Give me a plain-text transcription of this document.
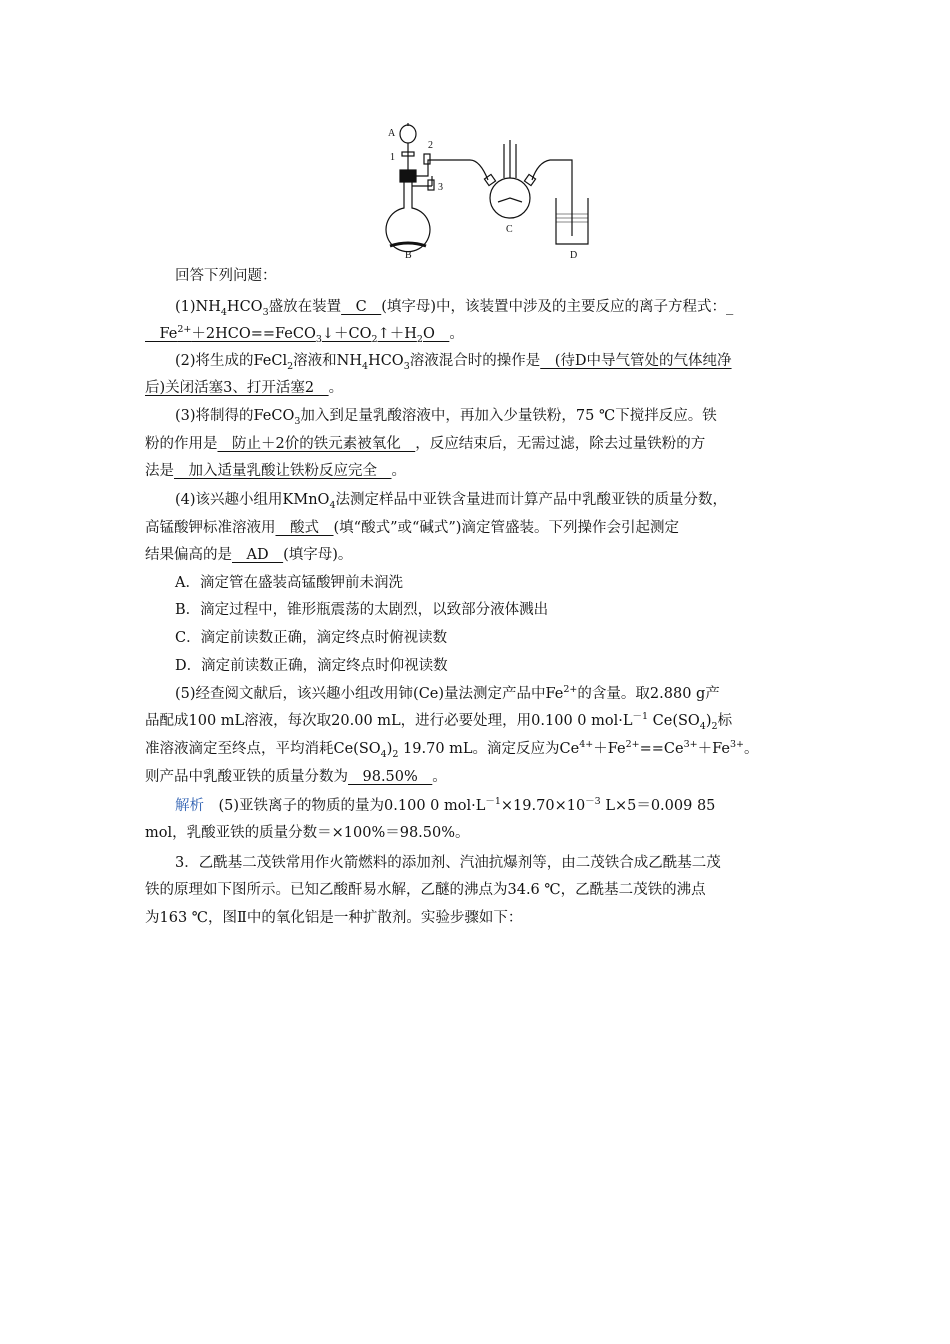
A
1
2
3
B
C
D
回答下列问题：
$(1)NH_4HCO_3$盛放在装置　C　(填字母)中，该装置中涉及的主要反应的离子方程式：_
　$Fe^{2+}+2HCO==FeCO_3↓+CO_2↑+H_2O$　。
(2)将生成的FeCl$_2$溶液和$NH_4HCO_3$溶液混合时的操作是　(待D中导气管处的气体纯净
后)关闭活塞3、打开活塞2　。
(3)将制得的FeCO$_3$加入到足量乳酸溶液中，再加入少量铁粉，75 ℃下搅拌反应。铁
粉的作用是　防止＋2价的铁元素被氧化　，反应结束后，无需过滤，除去过量铁粉的方
法是　加入适量乳酸让铁粉反应完全　。
(4)该兴趣小组用KMnO$_4$法测定样品中亚铁含量进而计算产品中乳酸亚铁的质量分数，
高锰酸钾标准溶液用　酸式　(填“酸式”或“碱式”)滴定管盛装。下列操作会引起测定
结果偏高的是　AD　(填字母)。
A．滴定管在盛装高锰酸钾前未润洗
B．滴定过程中，锥形瓶震荡的太剧烈，以致部分液体溅出
C．滴定前读数正确，滴定终点时俯视读数
D．滴定前读数正确，滴定终点时仰视读数
(5)经查阅文献后，该兴趣小组改用铈(Ce)量法测定产品中$Fe^{2+}$的含量。取2.880 g产
品配成100 mL溶液，每次取20.00 mL，进行必要处理，用0.100 0 $mol\cdot L^{-1}$ $Ce(SO_4)_2$标
准溶液滴定至终点，平均消耗$Ce(SO_4)_2$ 19.70 mL。滴定反应为$Ce^{4+}+Fe^{2+}==Ce^{3+}+Fe^{3+}$。
则产品中乳酸亚铁的质量分数为　98.50%　。
解析　(5)亚铁离子的物质的量为0.100 0 $mol\cdot L^{-1}\times 19.70\times 10^{-3}$ L×5＝0.009 85
mol，乳酸亚铁的质量分数＝×100%＝98.50%。
3．乙酰基二茂铁常用作火箭燃料的添加剂、汽油抗爆剂等，由二茂铁合成乙酰基二茂
铁的原理如下图所示。已知乙酸酐易水解，乙醚的沸点为34.6 ℃，乙酰基二茂铁的沸点
为163 ℃，图Ⅱ中的氧化铝是一种扩散剂。实验步骤如下：
